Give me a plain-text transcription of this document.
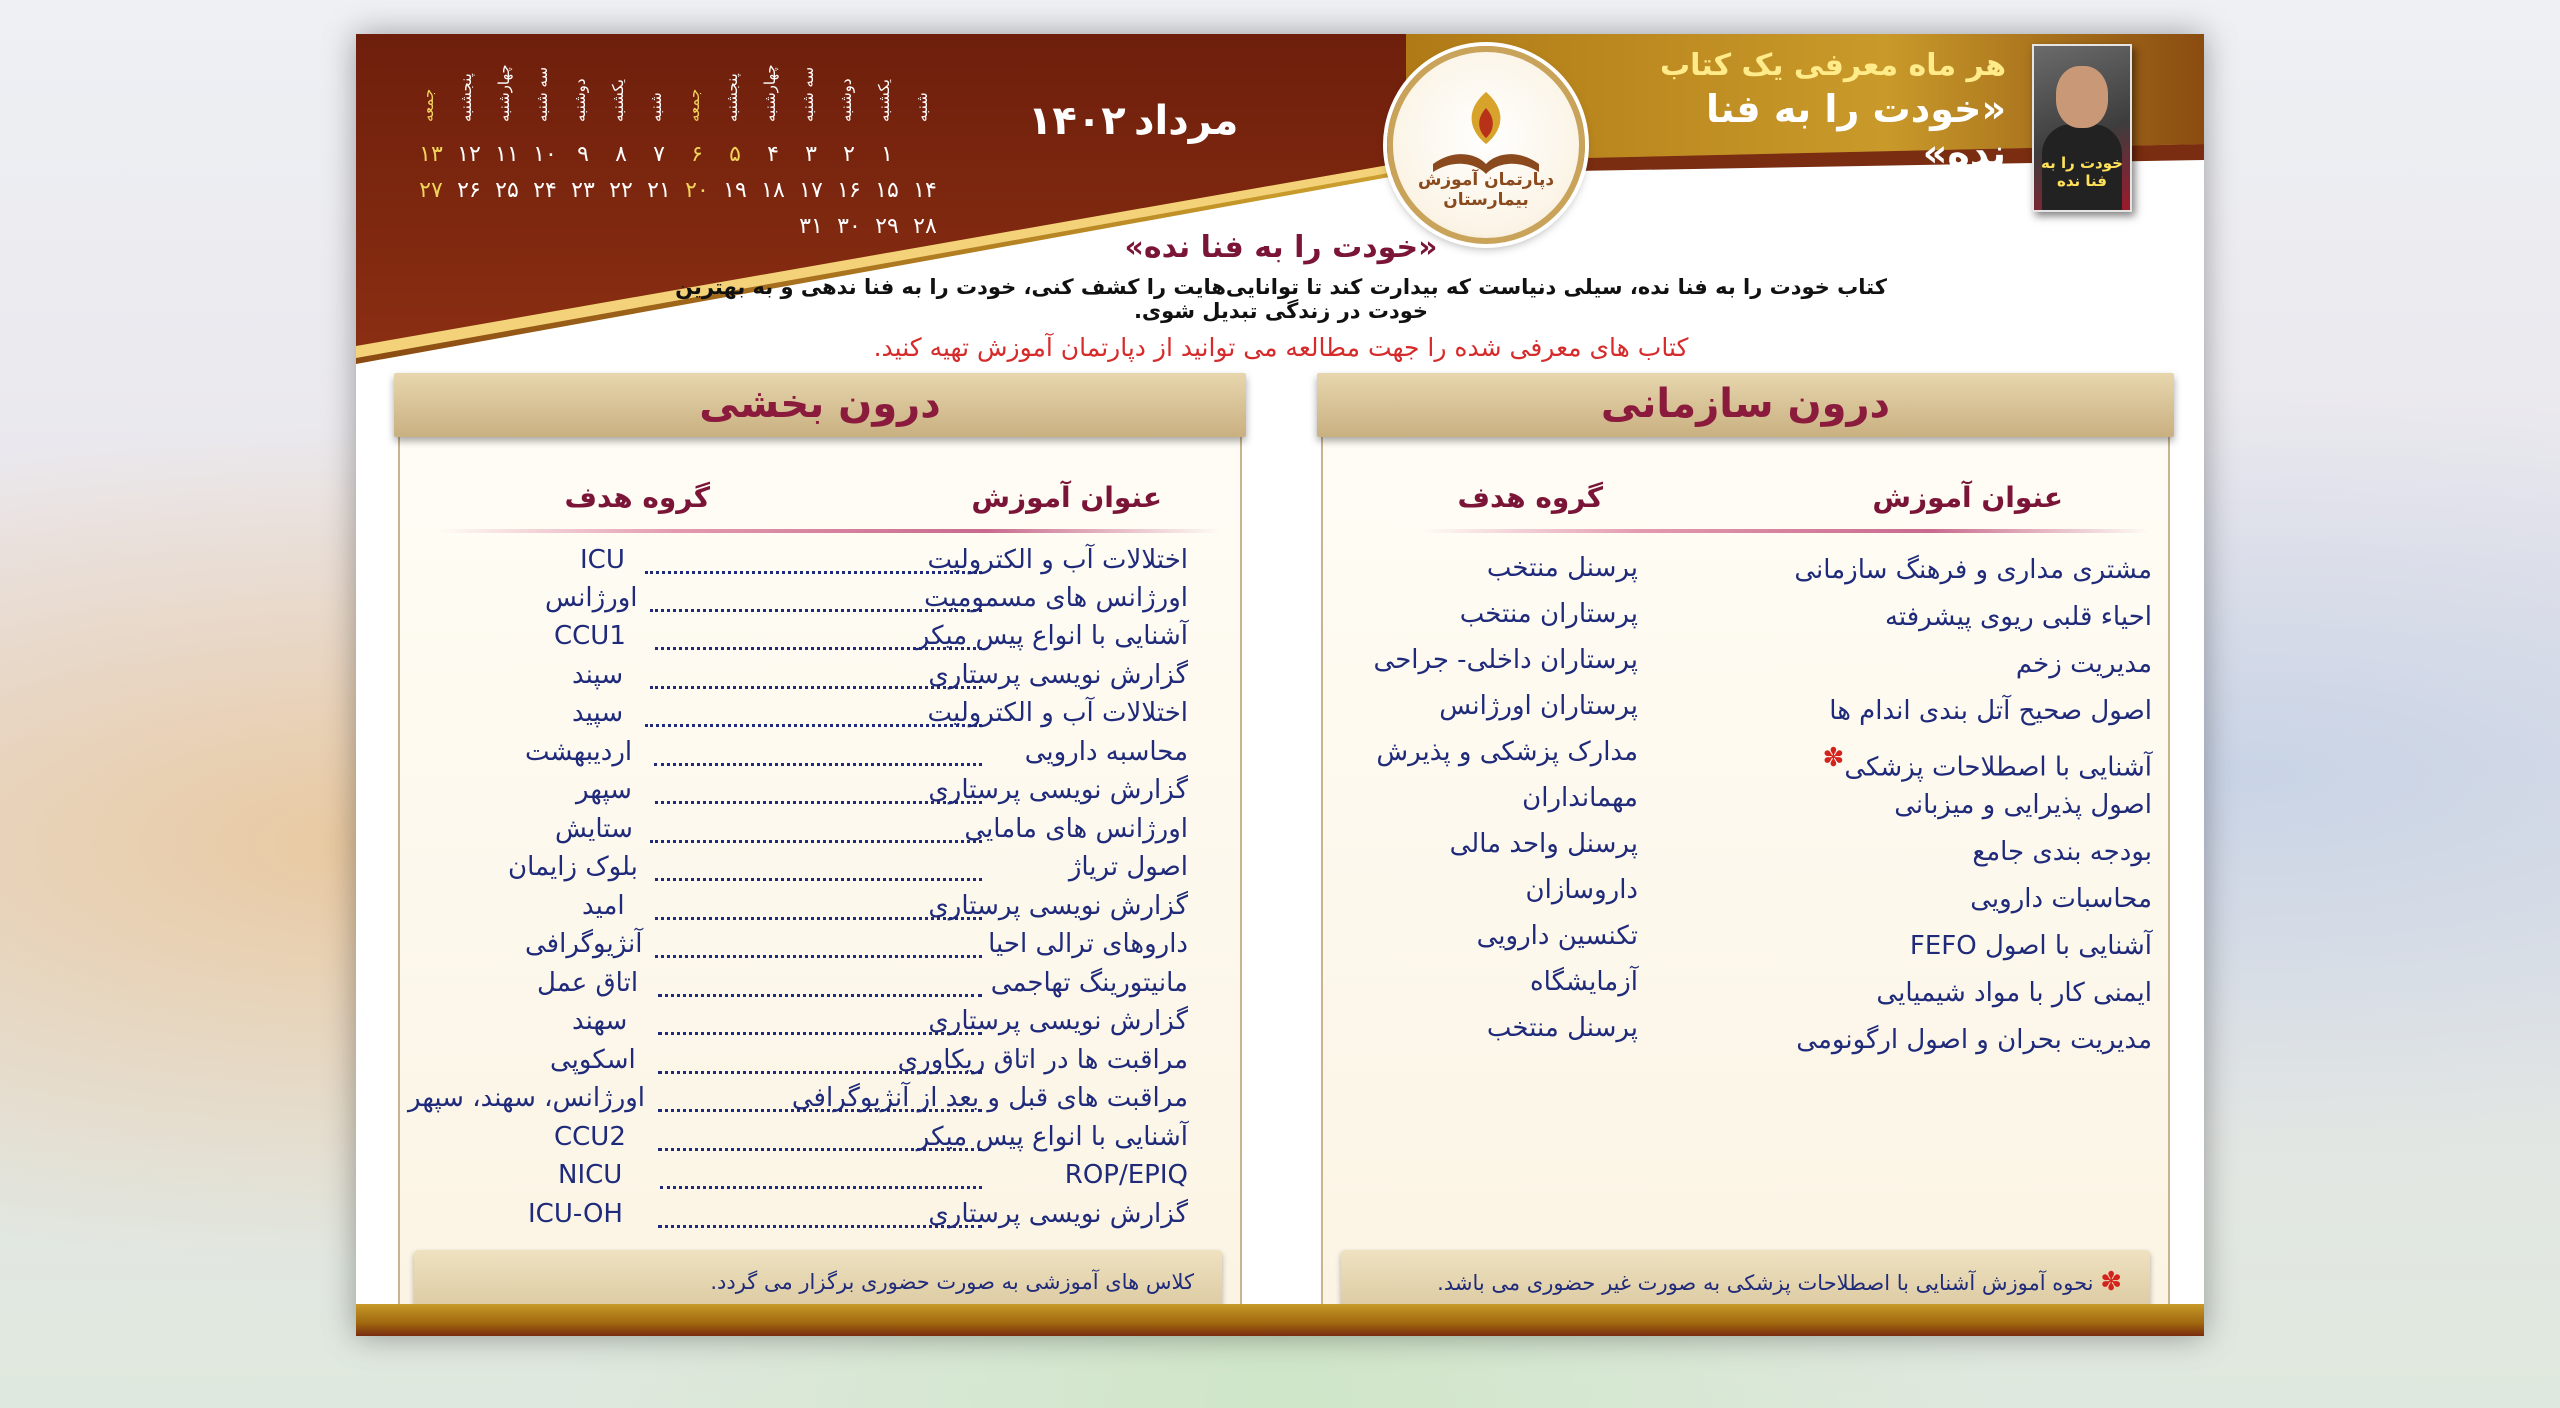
شنبه
یکشنبه
دوشنبه
سه شنبه
چهارشنبه
پنجشنبه
جمعه
شنبه
یکشنبه
دوشنبه
سه شنبه
چهارشنبه
پنجشنبه
جمعه
۱
۲
۳
۴
۵
۶
۷
۸
۹
۱۰
۱۱
۱۲
۱۳
۱۴
۱۵
۱۶
۱۷
۱۸
۱۹
۲۰
۲۱
۲۲
۲۳
۲۴
۲۵
۲۶
۲۷
۲۸
۲۹
۳۰
۳۱
مرداد
۱۴۰۲
دپارتمان آموزش بیمارستان
هر ماه معرفی یک کتاب
«خودت را به فنا نده»
«گری جان بیشاپ»
خودت را به فنا نده
«خودت را به فنا نده»
کتاب خودت را به فنا نده، سیلی دنیاست که بیدارت کند تا توانایی‌هایت را کشف کنی، خودت را به فنا ندهی و به بهترین خودت در زندگی تبدیل شوی.
کتاب های معرفی شده را جهت مطالعه می توانید از دپارتمان آموزش تهیه کنید.
درون سازمانی
عنوان آموزش
گروه هدف
مشتری مداری و فرهنگ سازمانی
پرسنل منتخب
احیاء قلبی ریوی پیشرفته
پرستاران منتخب
مدیریت زخم
پرستاران داخلی- جراحی
اصول صحیح آتل بندی اندام ها
پرستاران اورژانس
آشنایی با اصطلاحات پزشکی✽
مدارک پزشکی و پذیرش
اصول پذیرایی و میزبانی
مهمانداران
بودجه بندی جامع
پرسنل واحد مالی
محاسبات دارویی
داروسازان
آشنایی با اصول FEFO
تکنسین دارویی
ایمنی کار با مواد شیمیایی
آزمایشگاه
مدیریت بحران و اصول ارگونومی
پرسنل منتخب
✽ نحوه آموزش آشنایی با اصطلاحات پزشکی به صورت غیر حضوری می باشد.
درون بخشی
عنوان آموزش
گروه هدف
اختلالات آب و الکترولیت
ICU
اورژانس های مسمومیت
اورژانس
آشنایی با انواع پیس میکر
CCU1
گزارش نویسی پرستاری
سپند
اختلالات آب و الکترولیت
سپید
محاسبه دارویی
اردیبهشت
گزارش نویسی پرستاری
سپهر
اورژانس های مامایی
ستایش
اصول تریاژ
بلوک زایمان
گزارش نویسی پرستاری
امید
داروهای ترالی احیا
آنژیوگرافی
مانیتورینگ تهاجمی
اتاق عمل
گزارش نویسی پرستاری
سهند
مراقبت ها در اتاق ریکاوری
اسکوپی
مراقبت های قبل و بعد از آنژیوگرافی
اورژانس، سهند، سپهر
آشنایی با انواع پیس میکر
CCU2
ROP/EPIQ
NICU
گزارش نویسی پرستاری
ICU-OH
کلاس های آموزشی به صورت حضوری برگزار می گردد.
